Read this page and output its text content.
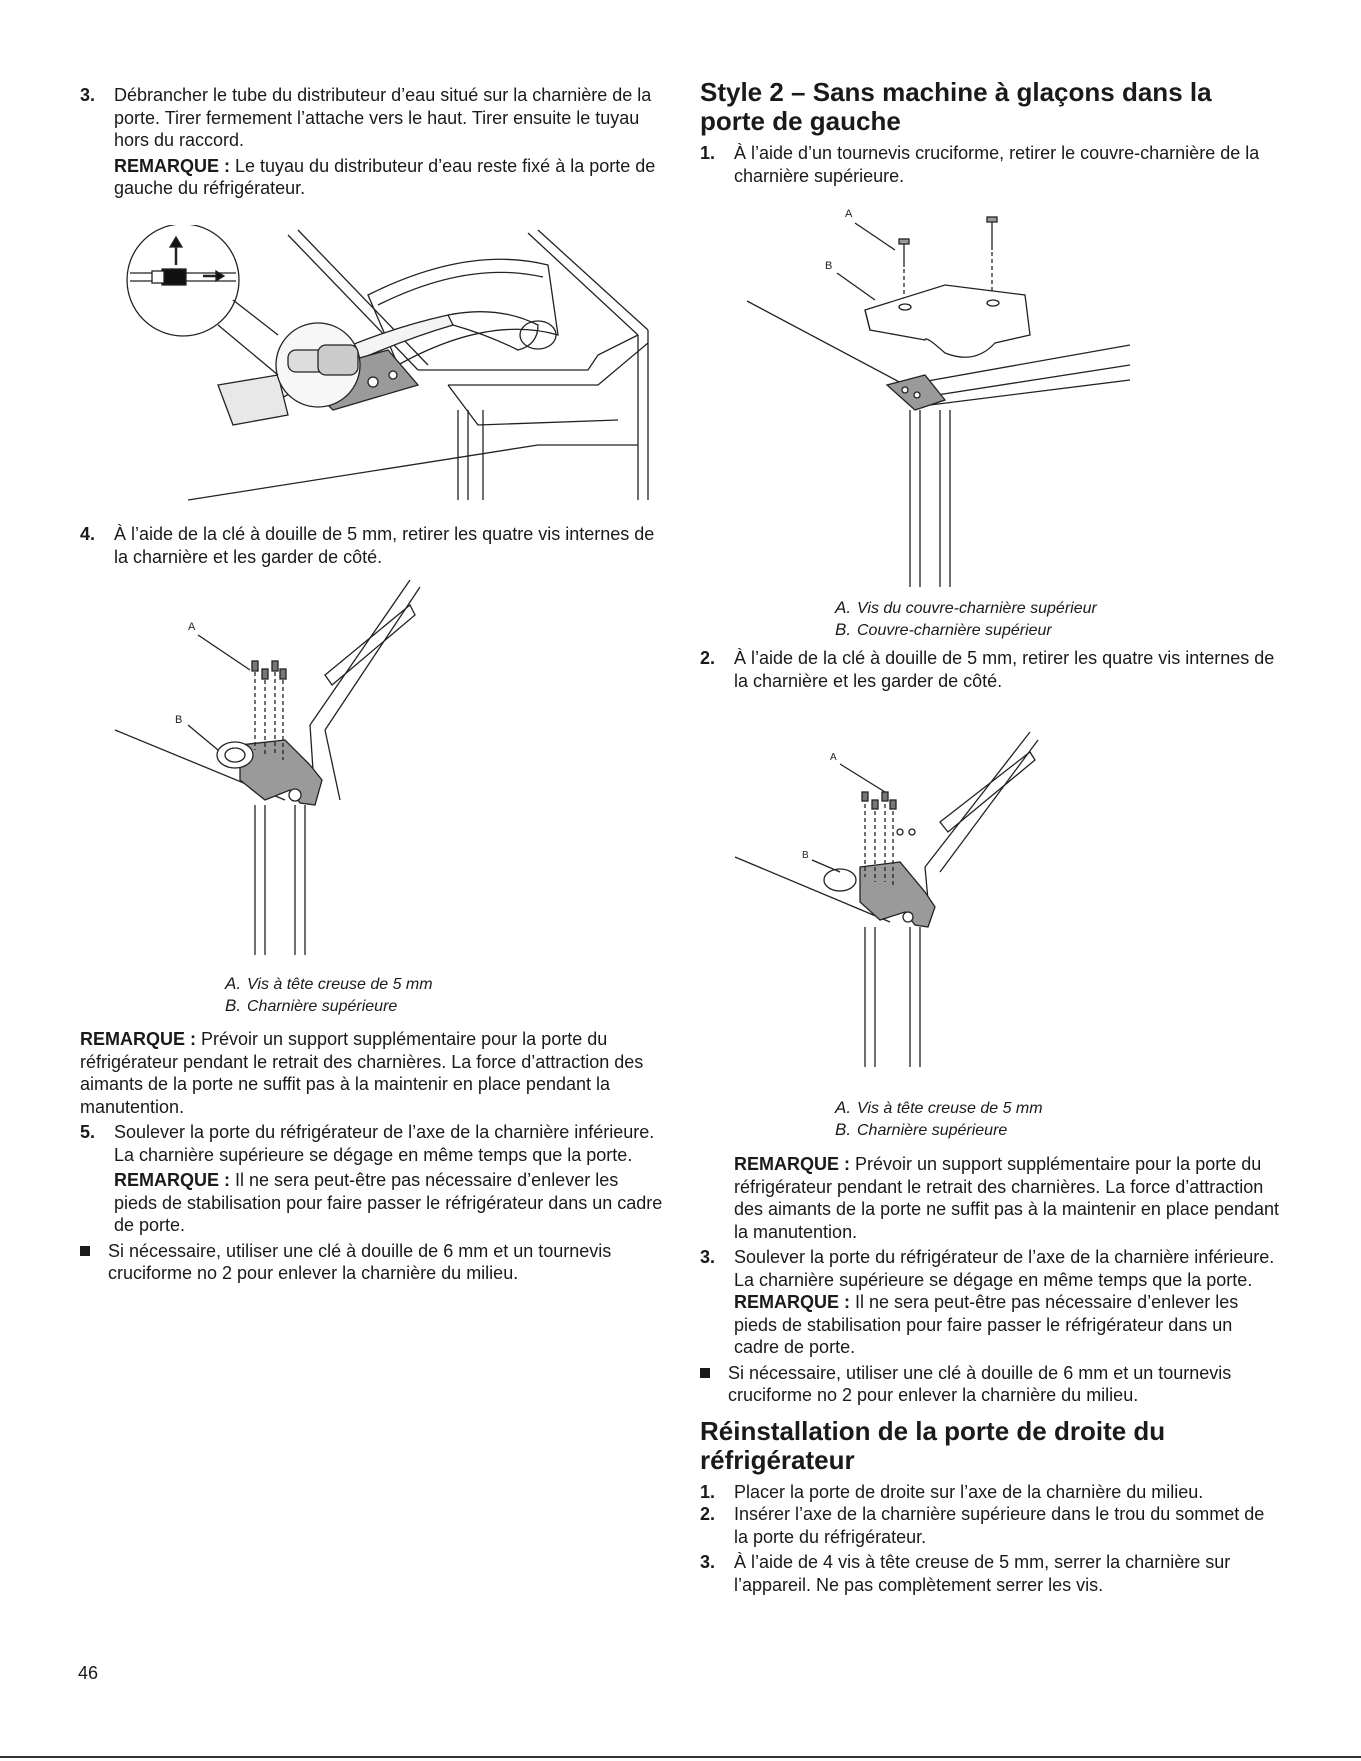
3. Débrancher le tube du distributeur d’eau situé sur la charnière de la porte. Tirer fermement l’attache vers le haut. Tirer ensuite le tuyau hors du raccord.
REMARQUE : Le tuyau du distributeur d’eau reste fixé à la porte de gauche du réfrigérateur.
4. À l’aide de la clé à douille de 5 mm, retirer les quatre vis internes de la charnière et les garder de côté.
A
B
A. Vis à tête creuse de 5 mm
B. Charnière supérieure
REMARQUE : Prévoir un support supplémentaire pour la porte du réfrigérateur pendant le retrait des charnières. La force d’attraction des aimants de la porte ne suffit pas à la maintenir en place pendant la manutention.
5. Soulever la porte du réfrigérateur de l’axe de la charnière inférieure. La charnière supérieure se dégage en même temps que la porte.
REMARQUE : Il ne sera peut-être pas nécessaire d’enlever les pieds de stabilisation pour faire passer le réfrigérateur dans un cadre de porte.
Si nécessaire, utiliser une clé à douille de 6 mm et un tournevis cruciforme no 2 pour enlever la charnière du milieu.
Style 2 – Sans machine à glaçons dans la porte de gauche
1. À l’aide d’un tournevis cruciforme, retirer le couvre-charnière de la charnière supérieure.
A
B
A. Vis du couvre-charnière supérieur
B. Couvre-charnière supérieur
2. À l’aide de la clé à douille de 5 mm, retirer les quatre vis internes de la charnière et les garder de côté.
A
B
A. Vis à tête creuse de 5 mm
B. Charnière supérieure
REMARQUE : Prévoir un support supplémentaire pour la porte du réfrigérateur pendant le retrait des charnières. La force d’attraction des aimants de la porte ne suffit pas à la maintenir en place pendant la manutention.
3. Soulever la porte du réfrigérateur de l’axe de la charnière inférieure. La charnière supérieure se dégage en même temps que la porte.
REMARQUE : Il ne sera peut-être pas nécessaire d’enlever les pieds de stabilisation pour faire passer le réfrigérateur dans un cadre de porte.
Si nécessaire, utiliser une clé à douille de 6 mm et un tournevis cruciforme no 2 pour enlever la charnière du milieu.
Réinstallation de la porte de droite du réfrigérateur
1. Placer la porte de droite sur l’axe de la charnière du milieu.
2. Insérer l’axe de la charnière supérieure dans le trou du sommet de la porte du réfrigérateur.
3. À l’aide de 4 vis à tête creuse de 5 mm, serrer la charnière sur l’appareil. Ne pas complètement serrer les vis.
46
